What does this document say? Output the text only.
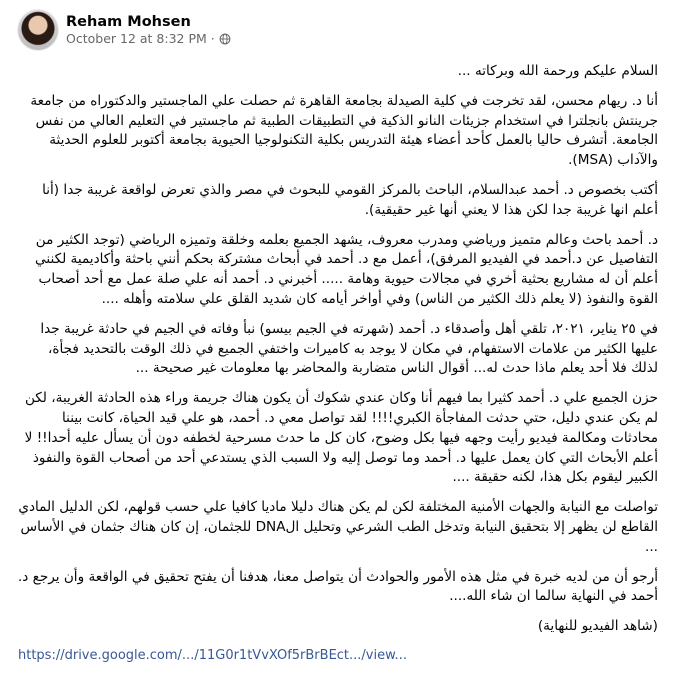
Reham Mohsen
October 12 at 8:32 PM ·

السلام عليكم ورحمة الله وبركاته ...

أنا د. ريهام محسن، لقد تخرجت في كلية الصيدلة بجامعة القاهرة ثم حصلت علي الماجستير والدكتوراه من جامعة جرينتش بانجلترا في استخدام جزيئات النانو الذكية في التطبيقات الطبية ثم ماجستير في التعليم العالي من نفس الجامعة. أتشرف حاليا بالعمل كأحد أعضاء هيئة التدريس بكلية التكنولوجيا الحيوية بجامعة أكتوبر للعلوم الحديثة والآداب (MSA).

أكتب بخصوص د. أحمد عبدالسلام، الباحث بالمركز القومي للبحوث في مصر والذي تعرض لواقعة غريبة جدا (أنا أعلم انها غريبة جدا لكن هذا لا يعني أنها غير حقيقية).

د. أحمد باحث وعالم متميز ورياضي ومدرب معروف، يشهد الجميع بعلمه وخلقة وتميزه الرياضي (توجد الكثير من التفاصيل عن د.أحمد في الفيديو المرفق)، أعمل مع د. أحمد في أبحاث مشتركة بحكم أنني باحثة وأكاديمية لكنني أعلم أن له مشاريع بحثية أخري في مجالات حيوية وهامة ..... أخبرني د. أحمد أنه علي صلة عمل مع أحد أصحاب القوة والنفوذ (لا يعلم ذلك الكثير من الناس) وفي أواخر أيامه كان شديد القلق علي سلامته وأهله ....

في ٢٥ يناير، ٢٠٢١، تلقي أهل وأصدقاء د. أحمد (شهرته في الجيم بيسو) نبأ وفاته في الجيم في حادثة غريبة جدا عليها الكثير من علامات الاستفهام، في مكان لا يوجد به كاميرات واختفي الجميع في ذلك الوقت بالتحديد فجأة، لذلك فلا أحد يعلم ماذا حدث له... أقوال الناس متضاربة والمحاضر بها معلومات غير صحيحة ...

حزن الجميع علي د. أحمد كثيرا بما فيهم أنا وكان عندي شكوك أن يكون هناك جريمة وراء هذه الحادثة الغريبة، لكن لم يكن عندي دليل، حتي حدثت المفاجأة الكبري!!!! لقد تواصل معي د. أحمد، هو علي قيد الحياة، كانت بيننا محادثات ومكالمة فيديو رأيت وجهه فيها بكل وضوح، كان كل ما حدث مسرحية لخطفه دون أن يسأل عليه أحدا!! لا أعلم الأبحاث التي كان يعمل عليها د. أحمد وما توصل إليه ولا السبب الذي يستدعي أحد من أصحاب القوة والنفوذ الكبير ليقوم بكل هذا، لكنه حقيقة ....

تواصلت مع النيابة والجهات الأمنية المختلفة لكن لم يكن هناك دليلا ماديا كافيا علي حسب قولهم، لكن الدليل المادي القاطع لن يظهر إلا بتحقيق النيابة وتدخل الطب الشرعي وتحليل الDNA للجثمان، إن كان هناك جثمان في الأساس ...

أرجو أن من لديه خبرة في مثل هذه الأمور والحوادث أن يتواصل معنا، هدفنا أن يفتح تحقيق في الواقعة وأن يرجع د. أحمد في النهاية سالما ان شاء الله....

(شاهد الفيديو للنهاية)

https://drive.google.com/.../11G0r1tVvXOf5rBrBEct.../view...
